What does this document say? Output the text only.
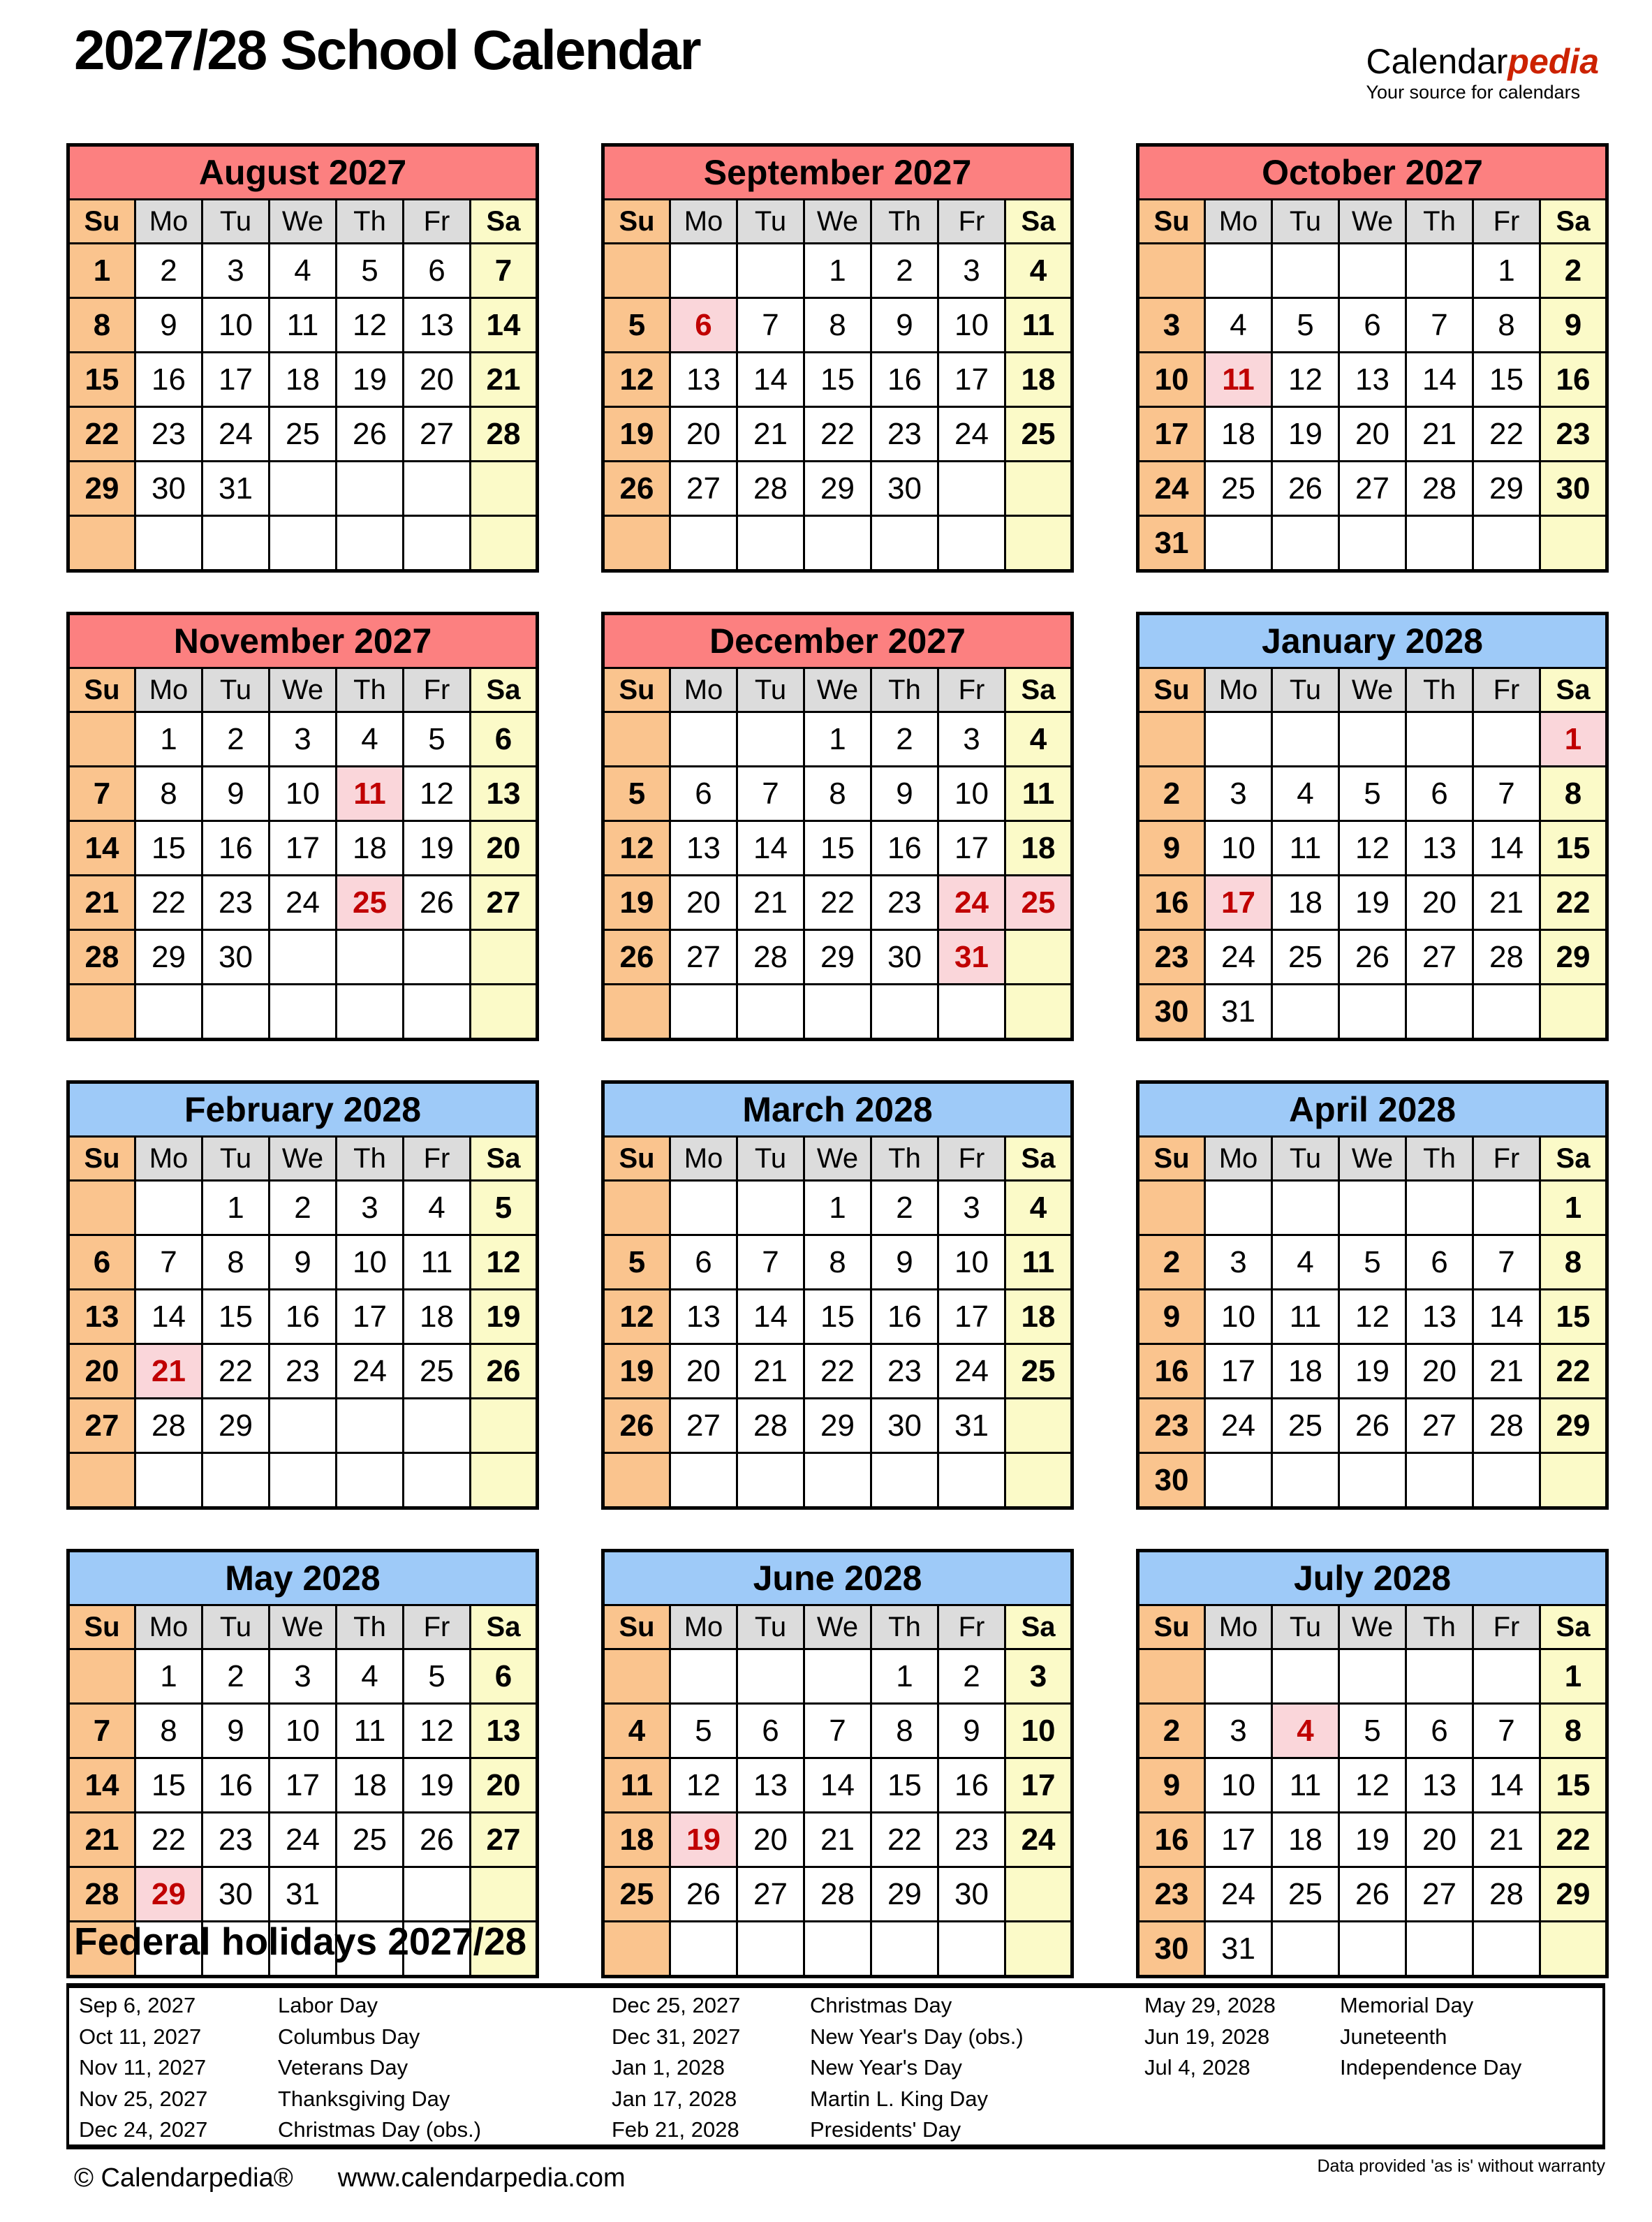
2027/28 School Calendar	Calendarpedia
Your source for calendars
August 2027						
Su	Mo	Tu	We	Th	Fr	Sa
1	2	3	4	5	6	7
8	9	10	11	12	13	14
15	16	17	18	19	20	21
22	23	24	25	26	27	28
29	30	31				

September 2027						
Su	Mo	Tu	We	Th	Fr	Sa
			1	2	3	4
5	6	7	8	9	10	11
12	13	14	15	16	17	18
19	20	21	22	23	24	25
26	27	28	29	30		

October 2027						
Su	Mo	Tu	We	Th	Fr	Sa
					1	2
3	4	5	6	7	8	9
10	11	12	13	14	15	16
17	18	19	20	21	22	23
24	25	26	27	28	29	30
31						
November 2027						
Su	Mo	Tu	We	Th	Fr	Sa
	1	2	3	4	5	6
7	8	9	10	11	12	13
14	15	16	17	18	19	20
21	22	23	24	25	26	27
28	29	30				

December 2027						
Su	Mo	Tu	We	Th	Fr	Sa
			1	2	3	4
5	6	7	8	9	10	11
12	13	14	15	16	17	18
19	20	21	22	23	24	25
26	27	28	29	30	31	

January 2028						
Su	Mo	Tu	We	Th	Fr	Sa
						1
2	3	4	5	6	7	8
9	10	11	12	13	14	15
16	17	18	19	20	21	22
23	24	25	26	27	28	29
30	31					
February 2028						
Su	Mo	Tu	We	Th	Fr	Sa
		1	2	3	4	5
6	7	8	9	10	11	12
13	14	15	16	17	18	19
20	21	22	23	24	25	26
27	28	29				

March 2028						
Su	Mo	Tu	We	Th	Fr	Sa
			1	2	3	4
5	6	7	8	9	10	11
12	13	14	15	16	17	18
19	20	21	22	23	24	25
26	27	28	29	30	31	

April 2028						
Su	Mo	Tu	We	Th	Fr	Sa
						1
2	3	4	5	6	7	8
9	10	11	12	13	14	15
16	17	18	19	20	21	22
23	24	25	26	27	28	29
30						
May 2028						
Su	Mo	Tu	We	Th	Fr	Sa
	1	2	3	4	5	6
7	8	9	10	11	12	13
14	15	16	17	18	19	20
21	22	23	24	25	26	27
28	29	30	31			

June 2028						
Su	Mo	Tu	We	Th	Fr	Sa
				1	2	3
4	5	6	7	8	9	10
11	12	13	14	15	16	17
18	19	20	21	22	23	24
25	26	27	28	29	30	

July 2028						
Su	Mo	Tu	We	Th	Fr	Sa
						1
2	3	4	5	6	7	8
9	10	11	12	13	14	15
16	17	18	19	20	21	22
23	24	25	26	27	28	29
30	31					
Federal holidays 2027/28
Sep 6, 2027	Labor Day	Dec 25, 2027	Christmas Day	May 29, 2028	Memorial Day
Oct 11, 2027	Columbus Day	Dec 31, 2027	New Year's Day (obs.)	Jun 19, 2028	Juneteenth
Nov 11, 2027	Veterans Day	Jan 1, 2028	New Year's Day	Jul 4, 2028	Independence Day
Nov 25, 2027	Thanksgiving Day	Jan 17, 2028	Martin L. King Day
Dec 24, 2027	Christmas Day (obs.)	Feb 21, 2028	Presidents' Day
© Calendarpedia® www.calendarpedia.com	Data provided 'as is' without warranty
